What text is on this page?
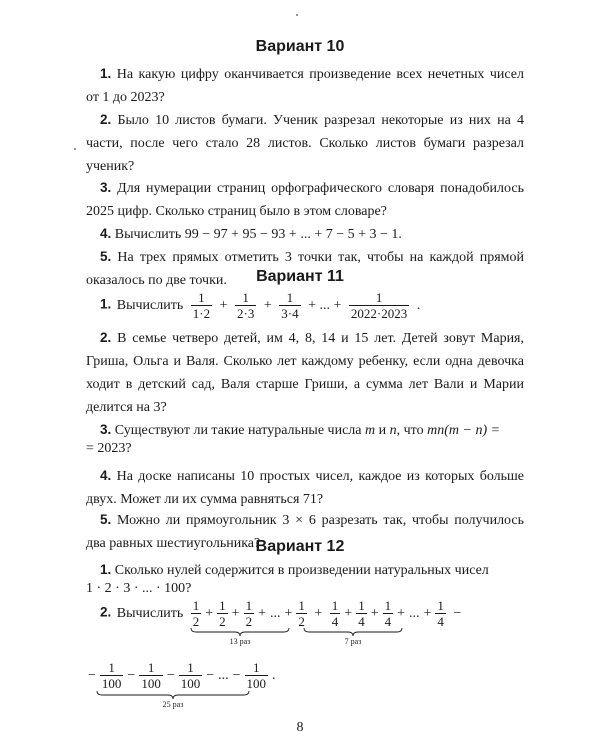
Вариант 10
1. На какую цифру оканчивается произведение всех нечетных чисел от 1 до 2023?
2. Было 10 листов бумаги. Ученик разрезал некоторые из них на 4 части, после чего стало 28 листов. Сколько листов бумаги разрезал ученик?
3. Для нумерации страниц орфографического словаря понадобилось 2025 цифр. Сколько страниц было в этом словаре?
4. Вычислить 99 − 97 + 95 − 93 + ... + 7 − 5 + 3 − 1.
5. На трех прямых отметить 3 точки так, чтобы на каждой прямой оказалось по две точки.	Вариант 11
1. Вычислить $\frac{1}{1\cdot 2} + \frac{1}{2\cdot 3} + \frac{1}{3\cdot 4}$ + ... + $\frac{1}{2022\cdot 2023}$ .
2. В семье четверо детей, им 4, 8, 14 и 15 лет. Детей зовут Мария, Гриша, Ольга и Валя. Сколько лет каждому ребенку, если одна девочка ходит в детский сад, Валя старше Гриши, а сумма лет Вали и Марии делится на 3?
3. Существуют ли такие натуральные числа m и n, что mn(m − n) =
= 2023?
4. На доске написаны 10 простых чисел, каждое из которых больше двух. Может ли их сумма равняться 71?
5. Можно ли прямоугольник 3 × 6 разрезать так, чтобы получилось два равных шестиугольника?
Вариант 12
1. Сколько нулей содержится в произведении натуральных чисел
1 · 2 · 3 · ... · 100?
2. Вычислить $\frac{1}{2} + \frac{1}{2} + \frac{1}{2}$ + ... + $\frac{1}{2} + \frac{1}{4} + \frac{1}{4} + \frac{1}{4}$ + ... + $\frac{1}{4}$ −
13 раз	7 раз
− $\frac{1}{100} - \frac{1}{100} - \frac{1}{100}$ − ... − $\frac{1}{100}$ .
25 раз
8
